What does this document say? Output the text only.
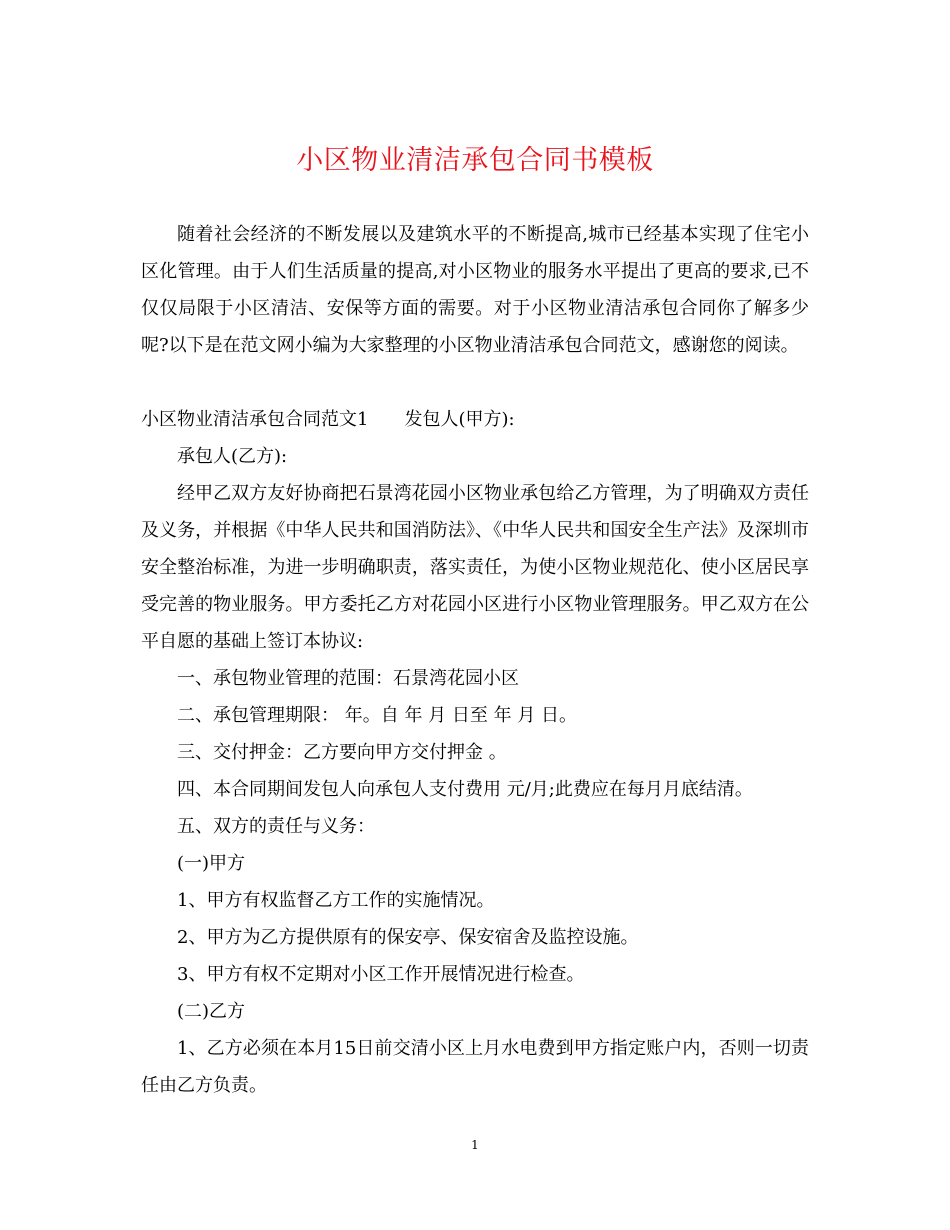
小区物业清洁承包合同书模板

随着社会经济的不断发展以及建筑水平的不断提高,城市已经基本实现了住宅小区化管理。由于人们生活质量的提高,对小区物业的服务水平提出了更高的要求,已不仅仅局限于小区清洁、安保等方面的需要。对于小区物业清洁承包合同你了解多少呢?以下是在范文网小编为大家整理的小区物业清洁承包合同范文，感谢您的阅读。

小区物业清洁承包合同范文1 发包人(甲方):
承包人(乙方):

经甲乙双方友好协商把石景湾花园小区物业承包给乙方管理，为了明确双方责任及义务，并根据《中华人民共和国消防法》、《中华人民共和国安全生产法》及深圳市安全整治标准，为进一步明确职责，落实责任，为使小区物业规范化、使小区居民享受完善的物业服务。甲方委托乙方对花园小区进行小区物业管理服务。甲乙双方在公平自愿的基础上签订本协议:

一、承包物业管理的范围：石景湾花园小区
二、承包管理期限： 年。自 年 月 日至 年 月 日。
三、交付押金：乙方要向甲方交付押金 。
四、本合同期间发包人向承包人支付费用 元/月;此费应在每月月底结清。
五、双方的责任与义务：
(一)甲方
1、甲方有权监督乙方工作的实施情况。
2、甲方为乙方提供原有的保安亭、保安宿舍及监控设施。
3、甲方有权不定期对小区工作开展情况进行检查。
(二)乙方

1、乙方必须在本月15日前交清小区上月水电费到甲方指定账户内，否则一切责任由乙方负责。

1
